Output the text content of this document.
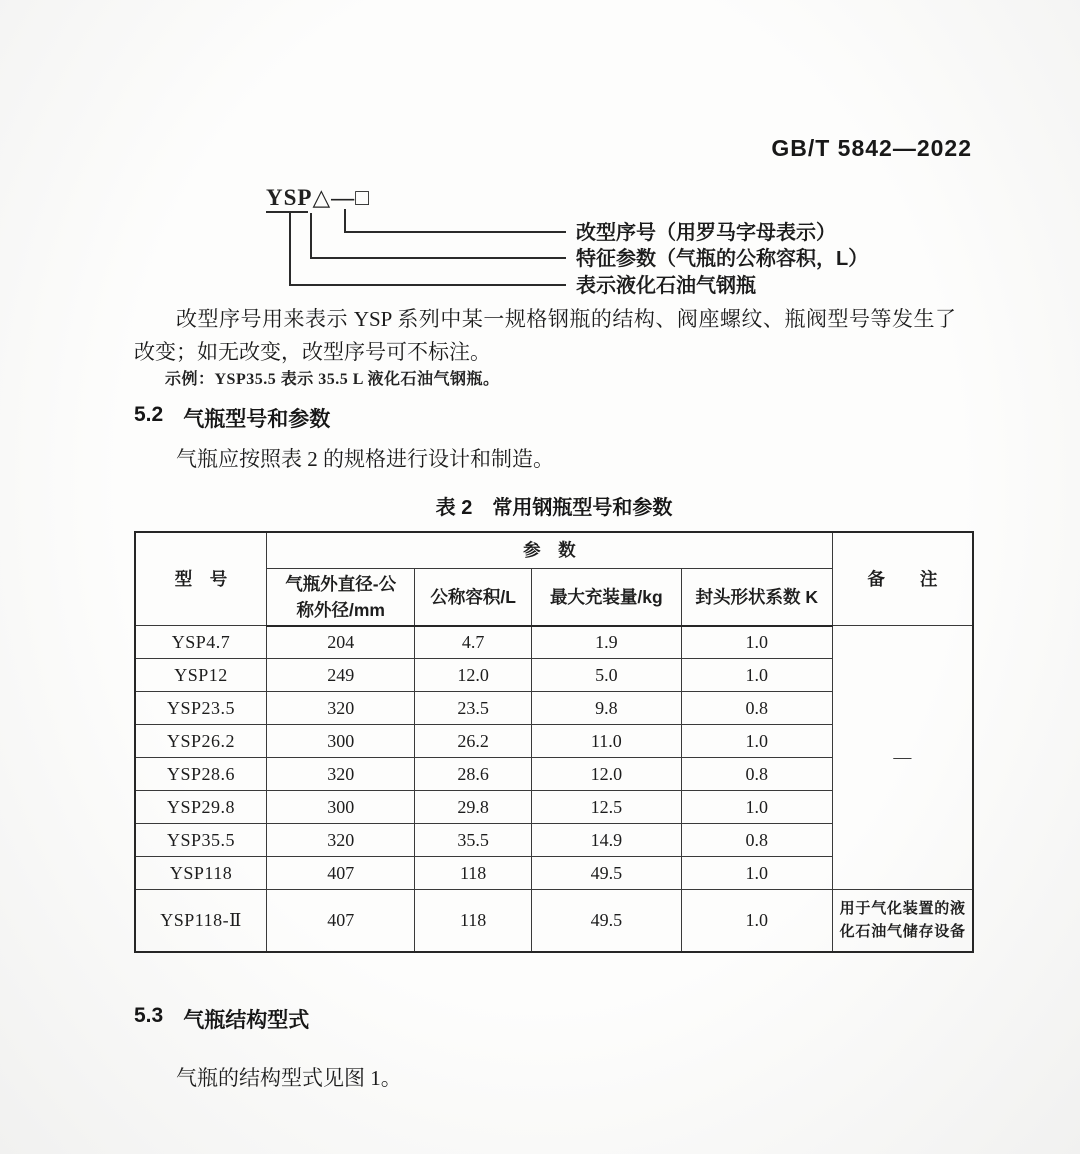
GB/T 5842—2022
YSP△—□
改型序号（用罗马字母表示）
特征参数（气瓶的公称容积，L）
表示液化石油气钢瓶

改型序号用来表示 YSP 系列中某一规格钢瓶的结构、阀座螺纹、瓶阀型号等发生了改变；如无改变，改型序号可不标注。

示例：YSP35.5 表示 35.5 L 液化石油气钢瓶。

5.2 气瓶型号和参数

气瓶应按照表 2 的规格进行设计和制造。

表 2　常用钢瓶型号和参数
型　号	参　数				备　　注
	气瓶外直径-公称外径/mm	公称容积/L	最大充装量/kg	封头形状系数 K	
YSP4.7	204	4.7	1.9	1.0	—
YSP12	249	12.0	5.0	1.0	
YSP23.5	320	23.5	9.8	0.8	
YSP26.2	300	26.2	11.0	1.0	
YSP28.6	320	28.6	12.0	0.8	
YSP29.8	300	29.8	12.5	1.0	
YSP35.5	320	35.5	14.9	0.8	
YSP118	407	118	49.5	1.0	
YSP118-Ⅱ	407	118	49.5	1.0	用于气化装置的液化石油气储存设备
5.3 气瓶结构型式

气瓶的结构型式见图 1。
